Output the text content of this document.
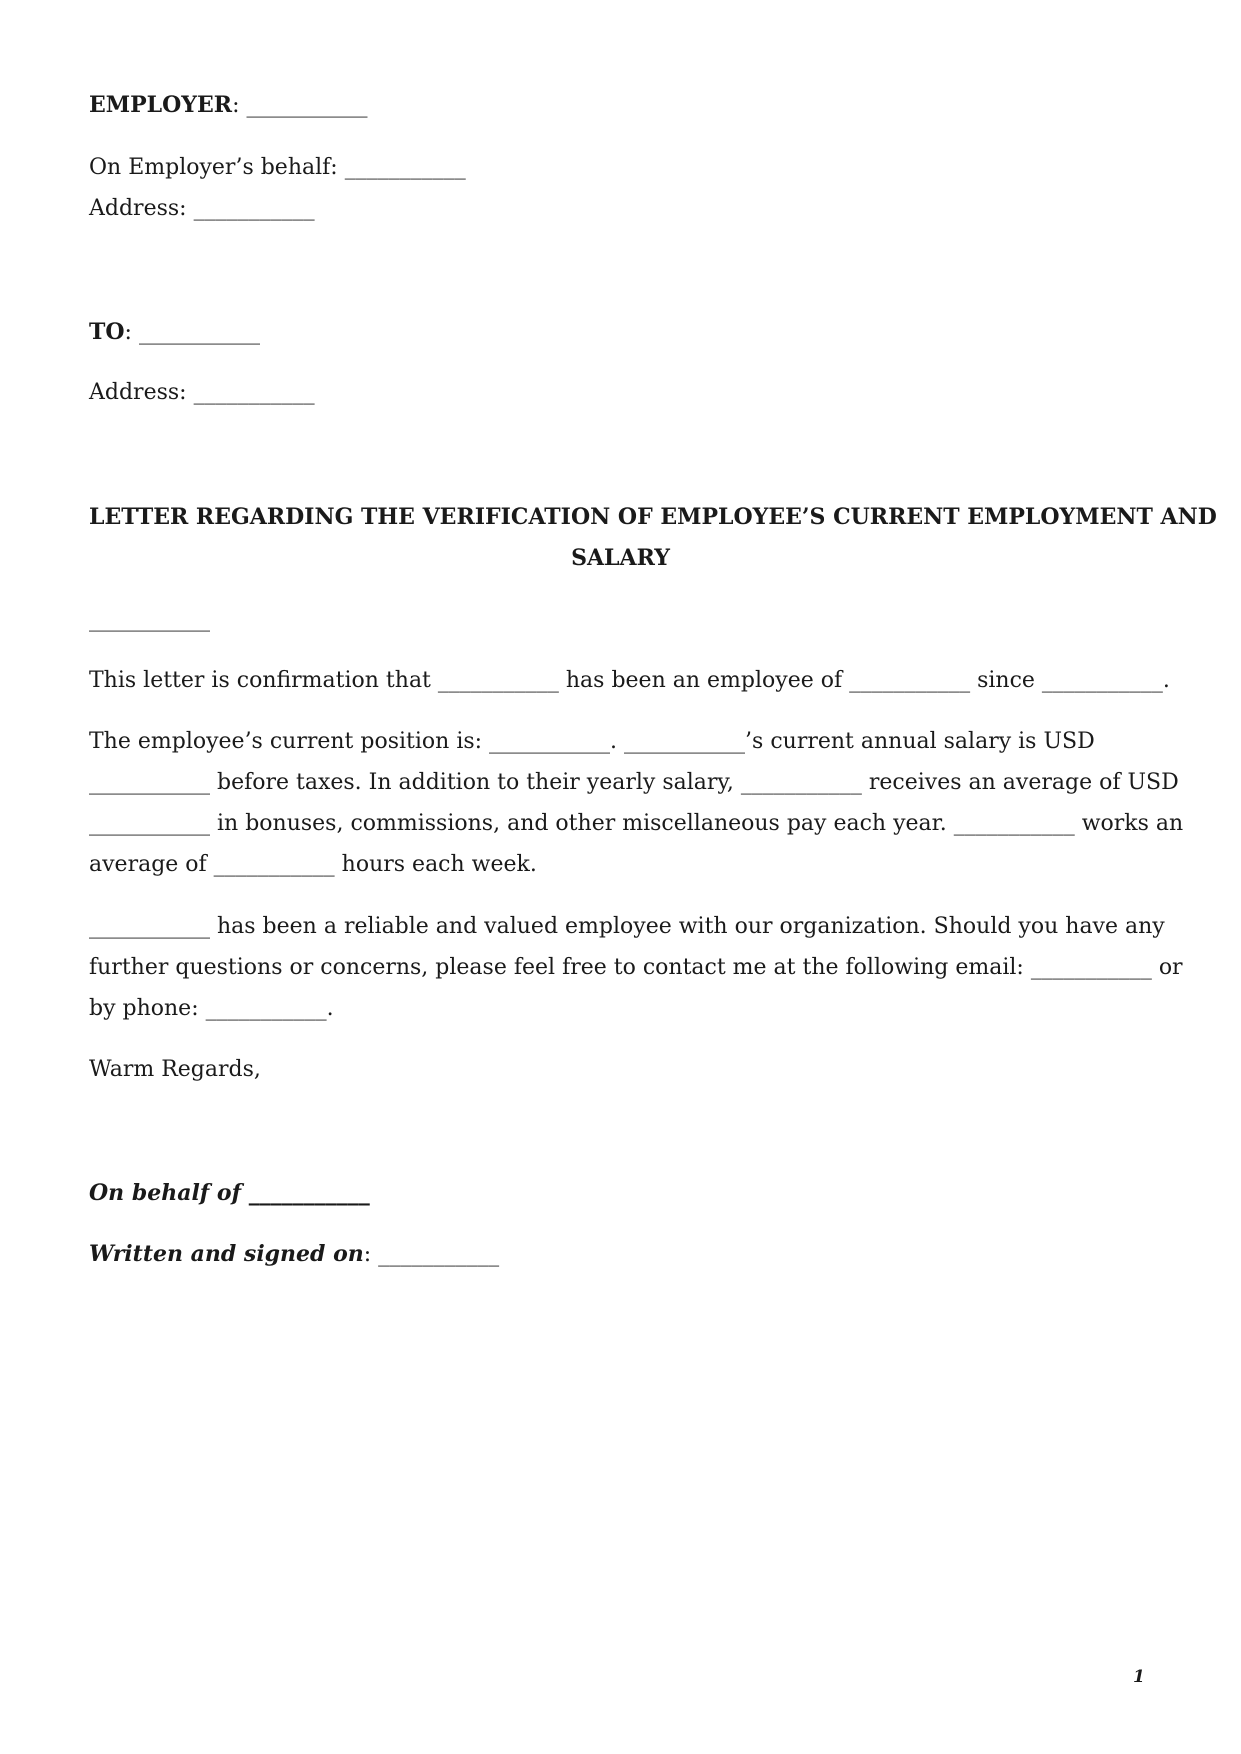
EMPLOYER: ___________
On Employer’s behalf: ___________
Address: ___________
TO: ___________
Address: ___________
LETTER REGARDING THE VERIFICATION OF EMPLOYEE’S CURRENT EMPLOYMENT AND
SALARY
___________
This letter is confirmation that ___________ has been an employee of ___________ since ___________.
The employee’s current position is: ___________. ___________’s current annual salary is USD
___________ before taxes. In addition to their yearly salary, ___________ receives an average of USD
___________ in bonuses, commissions, and other miscellaneous pay each year. ___________ works an
average of ___________ hours each week.
___________ has been a reliable and valued employee with our organization. Should you have any
further questions or concerns, please feel free to contact me at the following email: ___________ or
by phone: ___________.
Warm Regards,
On behalf of ___________
Written and signed on: ___________
1
